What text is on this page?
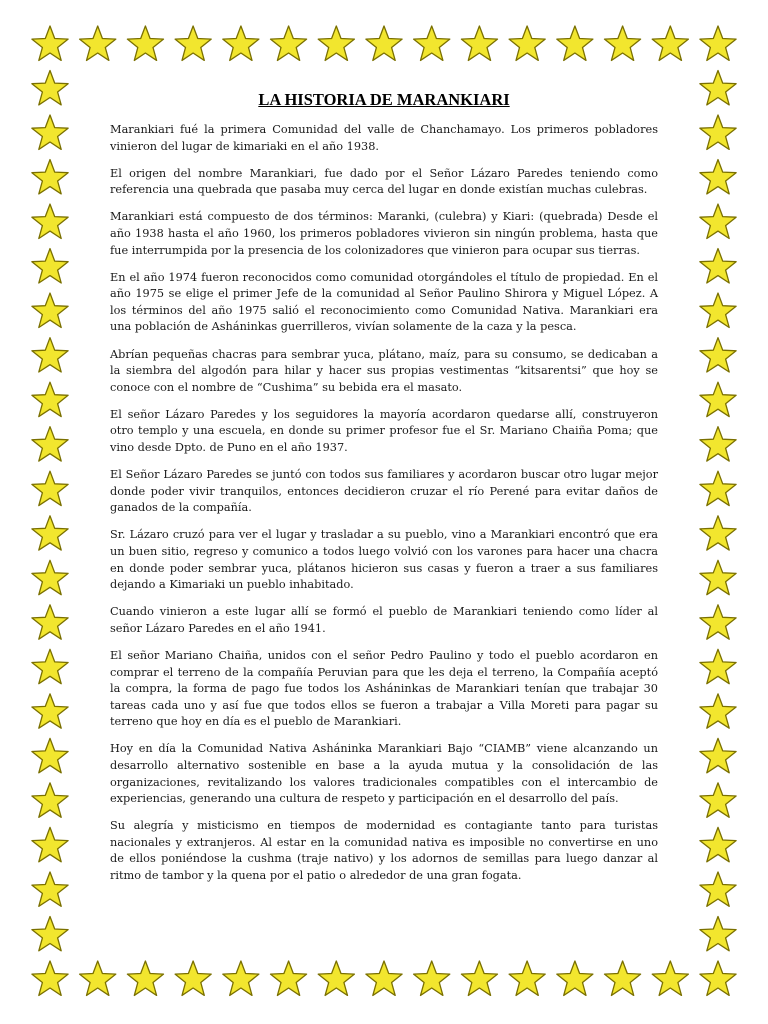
LA HISTORIA DE MARANKIARI

Marankiari fué la primera Comunidad del valle de Chanchamayo. Los primeros pobladores vinieron del lugar de kimariaki en el año 1938.

El origen del nombre Marankiari, fue dado por el Señor Lázaro Paredes teniendo como referencia una quebrada que pasaba muy cerca del lugar en donde existían muchas culebras.

Marankiari está compuesto de dos términos: Maranki, (culebra) y Kiari: (quebrada) Desde el año 1938 hasta el año 1960, los primeros pobladores vivieron sin ningún problema, hasta que fue interrumpida por la presencia de los colonizadores que vinieron para ocupar sus tierras.

En el año 1974 fueron reconocidos como comunidad otorgándoles el título de propiedad. En el año 1975 se elige el primer Jefe de la comunidad al Señor Paulino Shirora y Miguel López. A los términos del año 1975 salió el reconocimiento como Comunidad Nativa. Marankiari era una población de Asháninkas guerrilleros, vivían solamente de la caza y la pesca.

Abrían pequeñas chacras para sembrar yuca, plátano, maíz, para su consumo, se dedicaban a la siembra del algodón para hilar y hacer sus propias vestimentas “kitsarentsi” que hoy se conoce con el nombre de “Cushima” su bebida era el masato.

El señor Lázaro Paredes y los seguidores la mayoría acordaron quedarse allí, construyeron otro templo y una escuela, en donde su primer profesor fue el Sr. Mariano Chaiña Poma; que vino desde Dpto. de Puno en el año 1937.

El Señor Lázaro Paredes se juntó con todos sus familiares y acordaron buscar otro lugar mejor donde poder vivir tranquilos, entonces decidieron cruzar el río Perené para evitar daños de ganados de la compañía.

Sr. Lázaro cruzó para ver el lugar y trasladar a su pueblo, vino a Marankiari encontró que era un buen sitio, regreso y comunico a todos luego volvió con los varones para hacer una chacra en donde poder sembrar yuca, plátanos hicieron sus casas y fueron a traer a sus familiares dejando a Kimariaki un pueblo inhabitado.

Cuando vinieron a este lugar allí se formó el pueblo de Marankiari teniendo como líder al señor Lázaro Paredes en el año 1941.

El señor Mariano Chaiña, unidos con el señor Pedro Paulino y todo el pueblo acordaron en comprar el terreno de la compañía Peruvian para que les deja el terreno, la Compañía aceptó la compra, la forma de pago fue todos los Asháninkas de Marankiari tenían que trabajar 30 tareas cada uno y así fue que todos ellos se fueron a trabajar a Villa Moreti para pagar su terreno que hoy en día es el pueblo de Marankiari.

Hoy en día la Comunidad Nativa Asháninka Marankiari Bajo “CIAMB” viene alcanzando un desarrollo alternativo sostenible en base a la ayuda mutua y la consolidación de las organizaciones, revitalizando los valores tradicionales compatibles con el intercambio de experiencias, generando una cultura de respeto y participación en el desarrollo del país.

Su alegría y misticismo en tiempos de modernidad es contagiante tanto para turistas nacionales y extranjeros. Al estar en la comunidad nativa es imposible no convertirse en uno de ellos poniéndose la cushma (traje nativo) y los adornos de semillas para luego danzar al ritmo de tambor y la quena por el patio o alrededor de una gran fogata.
